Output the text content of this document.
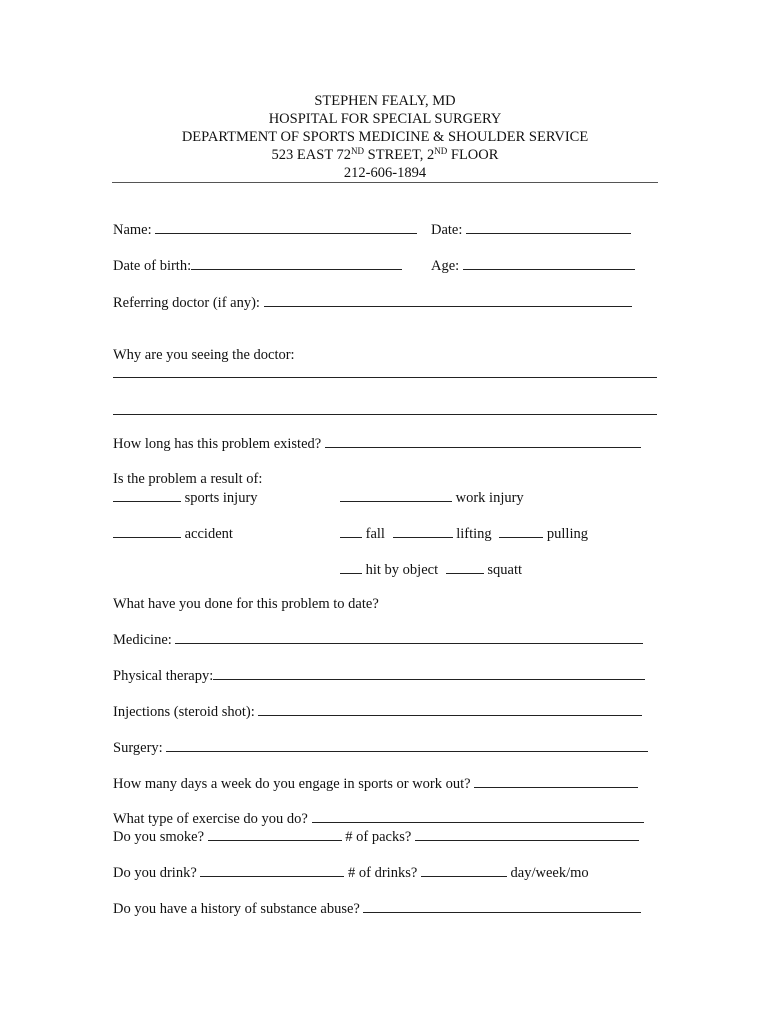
STEPHEN FEALY, MD
HOSPITAL FOR SPECIAL SURGERY
DEPARTMENT OF SPORTS MEDICINE & SHOULDER SERVICE
523 EAST 72ND STREET, 2ND FLOOR
212-606-1894
Name:	Date:
Date of birth:	Age:
Referring doctor (if any):
Why are you seeing the doctor:
How long has this problem existed?
Is the problem a result of:
sports injury	work injury
accident	fall	lifting	pulling
hit by object	squatt
What have you done for this problem to date?
Medicine:
Physical therapy:
Injections (steroid shot):
Surgery:
How many days a week do you engage in sports or work out?
What type of exercise do you do?
Do you smoke?	# of packs?
Do you drink?	# of drinks?	day/week/mo
Do you have a history of substance abuse?
